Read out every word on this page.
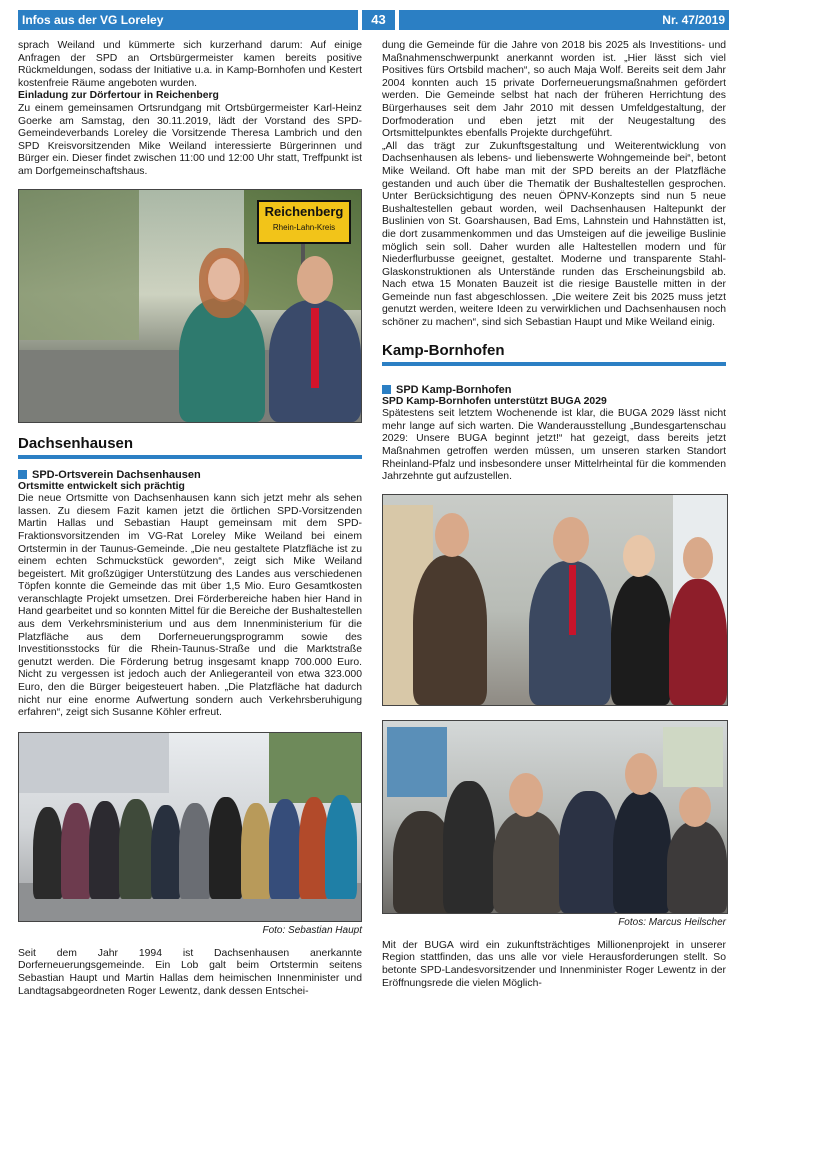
Infos aus der VG Loreley	43	Nr. 47/2019

sprach Weiland und kümmerte sich kurzerhand darum: Auf einige Anfragen der SPD an Ortsbürgermeister kamen bereits positive Rückmeldungen, sodass der Initiative u.a. in Kamp-Bornhofen und Kestert kostenfreie Räume angeboten wurden.

Einladung zur Dörfertour in Reichenberg

Zu einem gemeinsamen Ortsrundgang mit Ortsbürgermeister Karl-Heinz Goerke am Samstag, den 30.11.2019, lädt der Vorstand des SPD-Gemeindeverbands Loreley die Vorsitzende Theresa Lambrich und den SPD Kreisvorsitzenden Mike Weiland interessierte Bürgerinnen und Bürger ein. Dieser findet zwischen 11:00 und 12:00 Uhr statt, Treffpunkt ist am Dorfgemeinschaftshaus.

Reichenberg
Rhein-Lahn-Kreis
Dachsenhausen
SPD-Ortsverein Dachsenhausen
Ortsmitte entwickelt sich prächtig

Die neue Ortsmitte von Dachsenhausen kann sich jetzt mehr als sehen lassen. Zu diesem Fazit kamen jetzt die örtlichen SPD-Vorsitzenden Martin Hallas und Sebastian Haupt gemeinsam mit dem SPD-Fraktionsvorsitzenden im VG-Rat Loreley Mike Weiland bei einem Ortstermin in der Taunus-Gemeinde. „Die neu gestaltete Platzfläche ist zu einem echten Schmuckstück geworden“, zeigt sich Mike Weiland begeistert. Mit großzügiger Unterstützung des Landes aus verschiedenen Töpfen konnte die Gemeinde das mit über 1,5 Mio. Euro Gesamtkosten veranschlagte Projekt umsetzen. Drei Förderbereiche haben hier Hand in Hand gearbeitet und so konnten Mittel für die Bereiche der Bushaltestellen aus dem Verkehrsministerium und aus dem Innenministerium für die Platzfläche aus dem Dorferneuerungsprogramm sowie des Investitionsstocks für die Rhein-Taunus-Straße und die Marktstraße genutzt werden. Die Förderung betrug insgesamt knapp 700.000 Euro. Nicht zu vergessen ist jedoch auch der Anliegeranteil von etwa 323.000 Euro, den die Bürger beigesteuert haben. „Die Platzfläche hat dadurch nicht nur eine enorme Aufwertung sondern auch Verkehrsberuhigung erfahren“, zeigt sich Susanne Köhler erfreut.

Foto: Sebastian Haupt

Seit dem Jahr 1994 ist Dachsenhausen anerkannte Dorferneuerungsgemeinde. Ein Lob galt beim Ortstermin seitens Sebastian Haupt und Martin Hallas dem heimischen Innenminister und Landtagsabgeordneten Roger Lewentz, dank dessen Entschei-

dung die Gemeinde für die Jahre von 2018 bis 2025 als Investitions- und Maßnahmenschwerpunkt anerkannt worden ist. „Hier lässt sich viel Positives fürs Ortsbild machen“, so auch Maja Wolf. Bereits seit dem Jahr 2004 konnten auch 15 private Dorferneuerungsmaßnahmen gefördert werden. Die Gemeinde selbst hat nach der früheren Herrichtung des Bürgerhauses seit dem Jahr 2010 mit dessen Umfeldgestaltung, der Dorfmoderation und eben jetzt mit der Neugestaltung des Ortsmittelpunktes ebenfalls Projekte durchgeführt.

„All das trägt zur Zukunftsgestaltung und Weiterentwicklung von Dachsenhausen als lebens- und liebenswerte Wohngemeinde bei“, betont Mike Weiland. Oft habe man mit der SPD bereits an der Platzfläche gestanden und auch über die Thematik der Bushaltestellen gesprochen. Unter Berücksichtigung des neuen ÖPNV-Konzepts sind nun 5 neue Bushaltestellen gebaut worden, weil Dachsenhausen Haltepunkt der Buslinien von St. Goarshausen, Bad Ems, Lahnstein und Hahnstätten ist, die dort zusammenkommen und das Umsteigen auf die jeweilige Buslinie möglich sein soll. Daher wurden alle Haltestellen modern und für Niederflurbusse geeignet, gestaltet. Moderne und transparente Stahl-Glaskonstruktionen als Unterstände runden das Erscheinungsbild ab. Nach etwa 15 Monaten Bauzeit ist die riesige Baustelle mitten in der Gemeinde nun fast abgeschlossen. „Die weitere Zeit bis 2025 muss jetzt genutzt werden, weitere Ideen zu verwirklichen und Dachsenhausen noch schöner zu machen“, sind sich Sebastian Haupt und Mike Weiland einig.

Kamp-Bornhofen
SPD Kamp-Bornhofen
SPD Kamp-Bornhofen unterstützt BUGA 2029

Spätestens seit letztem Wochenende ist klar, die BUGA 2029 lässt nicht mehr lange auf sich warten. Die Wanderausstellung „Bundesgartenschau 2029: Unsere BUGA beginnt jetzt!“ hat gezeigt, dass bereits jetzt Maßnahmen getroffen werden müssen, um unseren starken Standort Rheinland-Pfalz und insbesondere unser Mittelrheintal für die kommenden Jahrzehnte gut aufzustellen.

Fotos: Marcus Heilscher

Mit der BUGA wird ein zukunftsträchtiges Millionenprojekt in unserer Region stattfinden, das uns alle vor viele Herausforderungen stellt. So betonte SPD-Landesvorsitzender und Innenminister Roger Lewentz in der Eröffnungsrede die vielen Möglich-
